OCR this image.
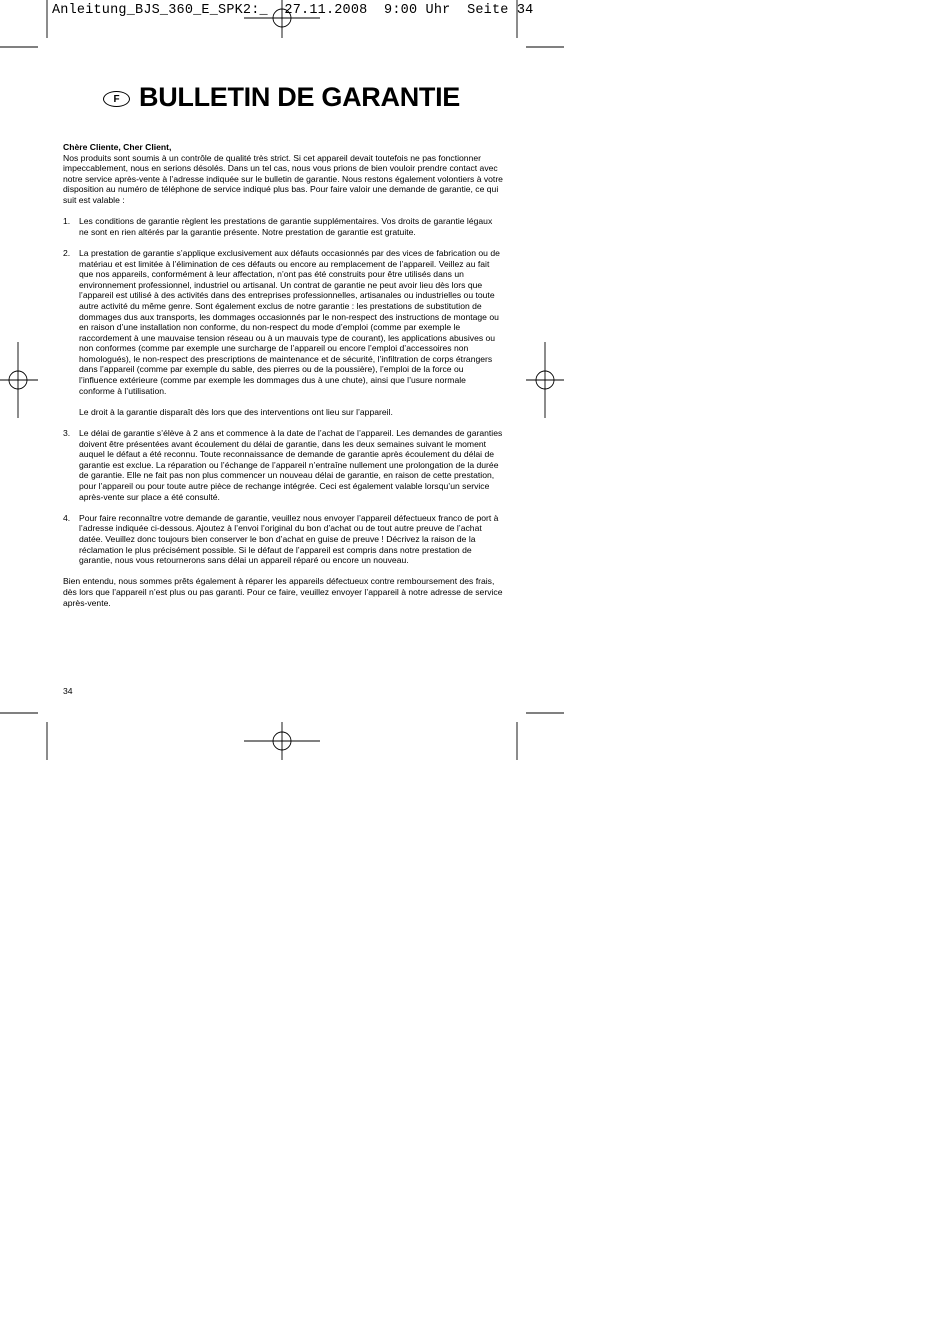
Anleitung_BJS_360_E_SPK2:_  27.11.2008  9:00 Uhr  Seite 34
F BULLETIN DE GARANTIE

Chère Cliente, Cher Client,

Nos produits sont soumis à un contrôle de qualité très strict. Si cet appareil devait toutefois ne pas fonctionner impeccablement, nous en serions désolés. Dans un tel cas, nous vous prions de bien vouloir prendre contact avec notre service après-vente à l’adresse indiquée sur le bulletin de garantie. Nous restons également volontiers à votre disposition au numéro de téléphone de service indiqué plus bas. Pour faire valoir une demande de garantie, ce qui suit est valable :

1.	Les conditions de garantie règlent les prestations de garantie supplémentaires. Vos droits de garantie légaux ne sont en rien altérés par la garantie présente. Notre prestation de garantie est gratuite.

2.	La prestation de garantie s’applique exclusivement aux défauts occasionnés par des vices de fabrication ou de matériau et est limitée à l’élimination de ces défauts ou encore au remplacement de l’appareil. Veillez au fait que nos appareils, conformément à leur affectation, n’ont pas été construits pour être utilisés dans un environnement professionnel, industriel ou artisanal. Un contrat de garantie ne peut avoir lieu dès lors que l’appareil est utilisé à des activités dans des entreprises professionnelles, artisanales ou industrielles ou toute autre activité du même genre. Sont également exclus de notre garantie : les prestations de substitution de dommages dus aux transports, les dommages occasionnés par le non-respect des instructions de montage ou en raison d’une installation non conforme, du non-respect du mode d’emploi (comme par exemple le raccordement à une mauvaise tension réseau ou à un mauvais type de courant), les applications abusives ou non conformes (comme par exemple une surcharge de l’appareil ou encore l’emploi d’accessoires non homologués), le non-respect des prescriptions de maintenance et de sécurité, l’infiltration de corps étrangers dans l’appareil (comme par exemple du sable, des pierres ou de la poussière), l’emploi de la force ou l’influence extérieure (comme par exemple les dommages dus à une chute), ainsi que l’usure normale conforme à l’utilisation.

Le droit à la garantie disparaît dès lors que des interventions ont lieu sur l’appareil.

3.	Le délai de garantie s’élève à 2 ans et commence à la date de l’achat de l’appareil. Les demandes de garanties doivent être présentées avant écoulement du délai de garantie, dans les deux semaines suivant le moment auquel le défaut a été reconnu. Toute reconnaissance de demande de garantie après écoulement du délai de garantie est exclue. La réparation ou l’échange de l’appareil n’entraîne nullement une prolongation de la durée de garantie. Elle ne fait pas non plus commencer un nouveau délai de garantie, en raison de cette prestation, pour l’appareil ou pour toute autre pièce de rechange intégrée. Ceci est également valable lorsqu’un service après-vente sur place a été consulté.

4.	Pour faire reconnaître votre demande de garantie, veuillez nous envoyer l’appareil défectueux franco de port à l’adresse indiquée ci-dessous. Ajoutez à l’envoi l’original du bon d’achat ou de tout autre preuve de l’achat datée. Veuillez donc toujours bien conserver le bon d’achat en guise de preuve ! Décrivez la raison de la réclamation le plus précisément possible. Si le défaut de l’appareil est compris dans notre prestation de garantie, nous vous retournerons sans délai un appareil réparé ou encore un nouveau.

Bien entendu, nous sommes prêts également à réparer les appareils défectueux contre remboursement des frais, dès lors que l’appareil n’est plus ou pas garanti. Pour ce faire, veuillez envoyer l’appareil à notre adresse de service après-vente.

34
